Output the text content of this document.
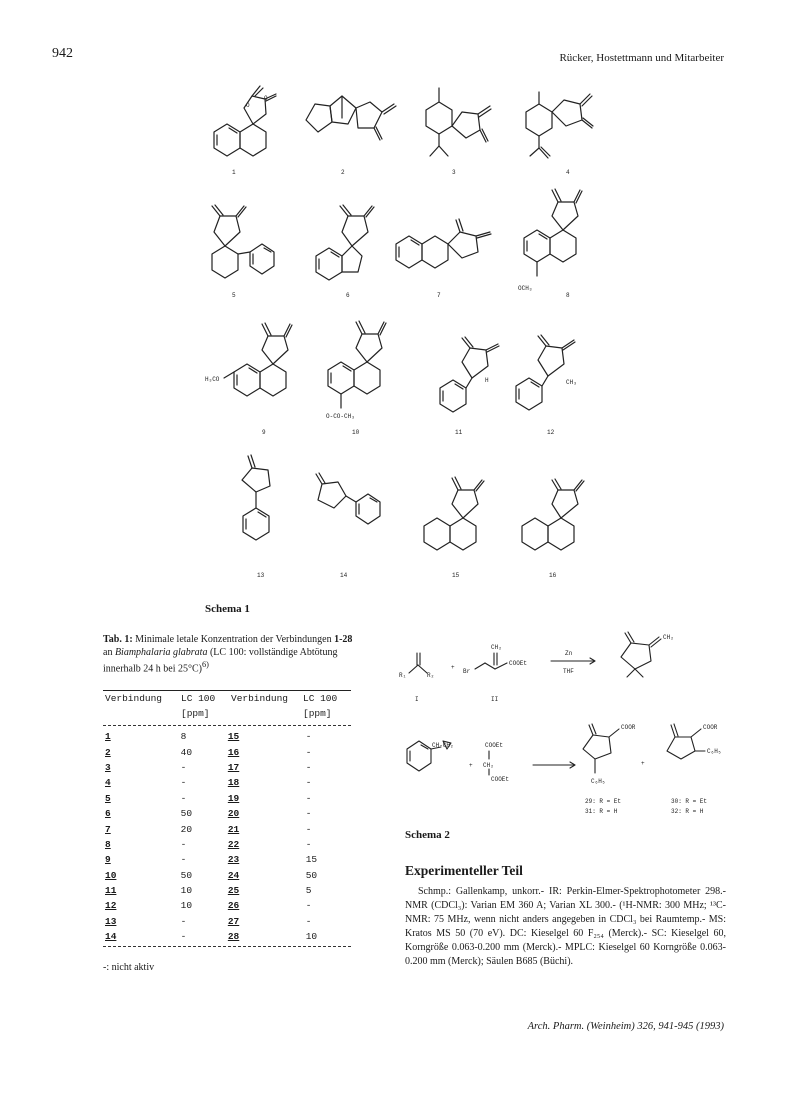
942	Rücker, Hostettmann und Mitarbeiter
O
O
OCH₃
H₃CO
O-CO-CH₃
H	CH₃
1	2	3	4
5	6	7	8
9	10	11	12
13	14	15	16
Schema 1
Tab. 1: Minimale letale Konzentration der Verbindungen 1-28 an Biamphalaria glabrata (LC 100: vollständige Abtötung innerhalb 24 h bei 25°C)$^{6)}$
Verbindung	LC 100	Verbindung	LC 100
[ppm]	[ppm]
1	8	15	-
2	40	16	-
3	-	17	-
4	-	18	-
5	-	19	-
6	50	20	-
7	20	21	-
8	-	22	-
9	-	23	15
10	50	24	50
11	10	25	5
12	10	26	-
13	-	27	-
14	-	28	10
-: nicht aktiv
R₁	R₂
+
Br
CH₂
COOEt
Zn
THF
CH₂
I	II
CH-CH₂
+
COOEt
CH₂
COOEt
COOR
C₆H₅
+
COOR
C₆H₅
29: R = Et
31: R = H
30: R = Et
32: R = H
Schema 2
Experimenteller Teil
Schmp.: Gallenkamp, unkorr.- IR: Perkin-Elmer-Spektrophotometer 298.- NMR (CDCl₃): Varian EM 360 A; Varian XL 300.- (¹H-NMR: 300 MHz; ¹³C-NMR: 75 MHz, wenn nicht anders angegeben in CDCl₃ bei Raumtemp.- MS: Kratos MS 50 (70 eV). DC: Kieselgel 60 F₂₅₄ (Merck).- SC: Kieselgel 60, Korngröße 0.063-0.200 mm (Merck).- MPLC: Kieselgel 60 Korngröße 0.063-0.200 mm (Merck); Säulen B685 (Büchi).
Arch. Pharm. (Weinheim) 326, 941-945 (1993)
